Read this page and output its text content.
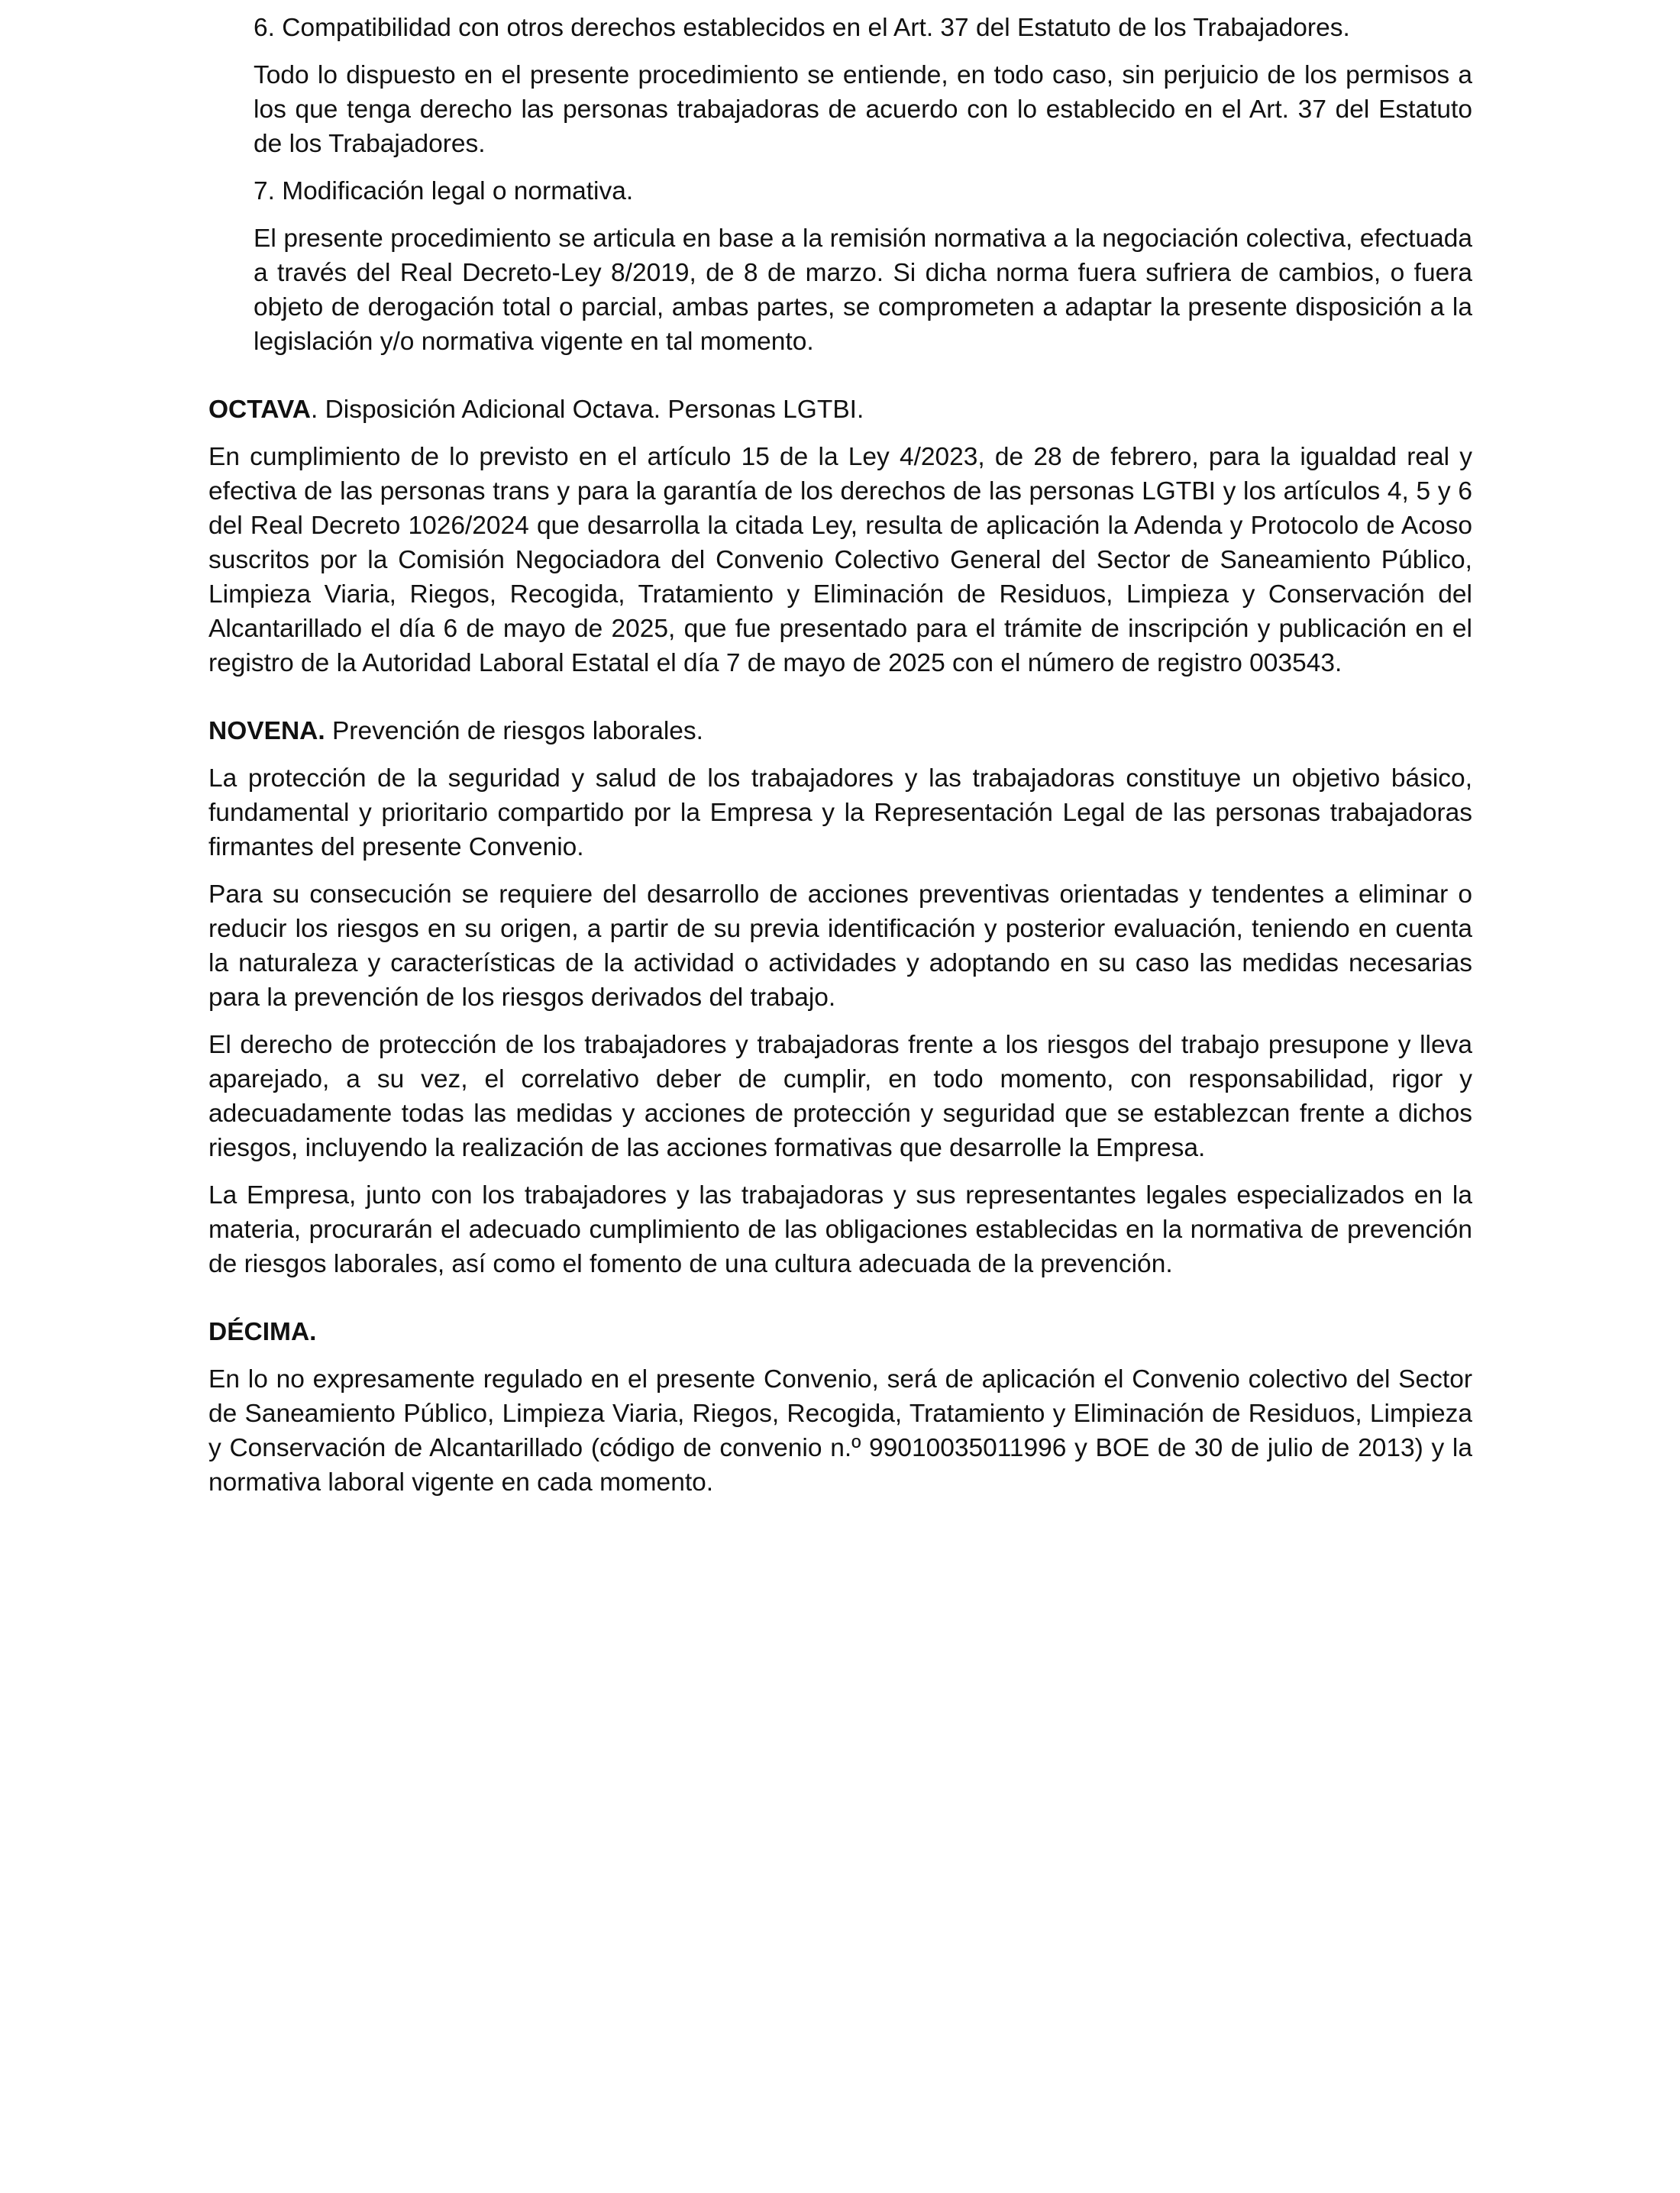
6. Compatibilidad con otros derechos establecidos en el Art. 37 del Estatuto de los Trabajadores.

Todo lo dispuesto en el presente procedimiento se entiende, en todo caso, sin perjuicio de los permisos a los que tenga derecho las personas trabajadoras de acuerdo con lo establecido en el Art. 37 del Estatuto de los Trabajadores.

7. Modificación legal o normativa.

El presente procedimiento se articula en base a la remisión normativa a la negociación colectiva, efectuada a través del Real Decreto-Ley 8/2019, de 8 de marzo. Si dicha norma fuera sufriera de cambios, o fuera objeto de derogación total o parcial, ambas partes, se comprometen a adaptar la presente disposición a la legislación y/o normativa vigente en tal momento.

OCTAVA. Disposición Adicional Octava. Personas LGTBI.

En cumplimiento de lo previsto en el artículo 15 de la Ley 4/2023, de 28 de febrero, para la igualdad real y efectiva de las personas trans y para la garantía de los derechos de las personas LGTBI y los artículos 4, 5 y 6 del Real Decreto 1026/2024 que desarrolla la citada Ley, resulta de aplicación la Adenda y Protocolo de Acoso suscritos por la Comisión Negociadora del Convenio Colectivo General del Sector de Saneamiento Público, Limpieza Viaria, Riegos, Recogida, Tratamiento y Eliminación de Residuos, Limpieza y Conservación del Alcantarillado el día 6 de mayo de 2025, que fue presentado para el trámite de inscripción y publicación en el registro de la Autoridad Laboral Estatal el día 7 de mayo de 2025 con el número de registro 003543.

NOVENA. Prevención de riesgos laborales.

La protección de la seguridad y salud de los trabajadores y las trabajadoras constituye un objetivo básico, fundamental y prioritario compartido por la Empresa y la Representación Legal de las personas trabajadoras firmantes del presente Convenio.

Para su consecución se requiere del desarrollo de acciones preventivas orientadas y tendentes a eliminar o reducir los riesgos en su origen, a partir de su previa identificación y posterior evaluación, teniendo en cuenta la naturaleza y características de la actividad o actividades y adoptando en su caso las medidas necesarias para la prevención de los riesgos derivados del trabajo.

El derecho de protección de los trabajadores y trabajadoras frente a los riesgos del trabajo presupone y lleva aparejado, a su vez, el correlativo deber de cumplir, en todo momento, con responsabilidad, rigor y adecuadamente todas las medidas y acciones de protección y seguridad que se establezcan frente a dichos riesgos, incluyendo la realización de las acciones formativas que desarrolle la Empresa.

La Empresa, junto con los trabajadores y las trabajadoras y sus representantes legales especializados en la materia, procurarán el adecuado cumplimiento de las obligaciones establecidas en la normativa de prevención de riesgos laborales, así como el fomento de una cultura adecuada de la prevención.

DÉCIMA.

En lo no expresamente regulado en el presente Convenio, será de aplicación el Convenio colectivo del Sector de Saneamiento Público, Limpieza Viaria, Riegos, Recogida, Tratamiento y Eliminación de Residuos, Limpieza y Conservación de Alcantarillado (código de convenio n.º 99010035011996 y BOE de 30 de julio de 2013) y la normativa laboral vigente en cada momento.
